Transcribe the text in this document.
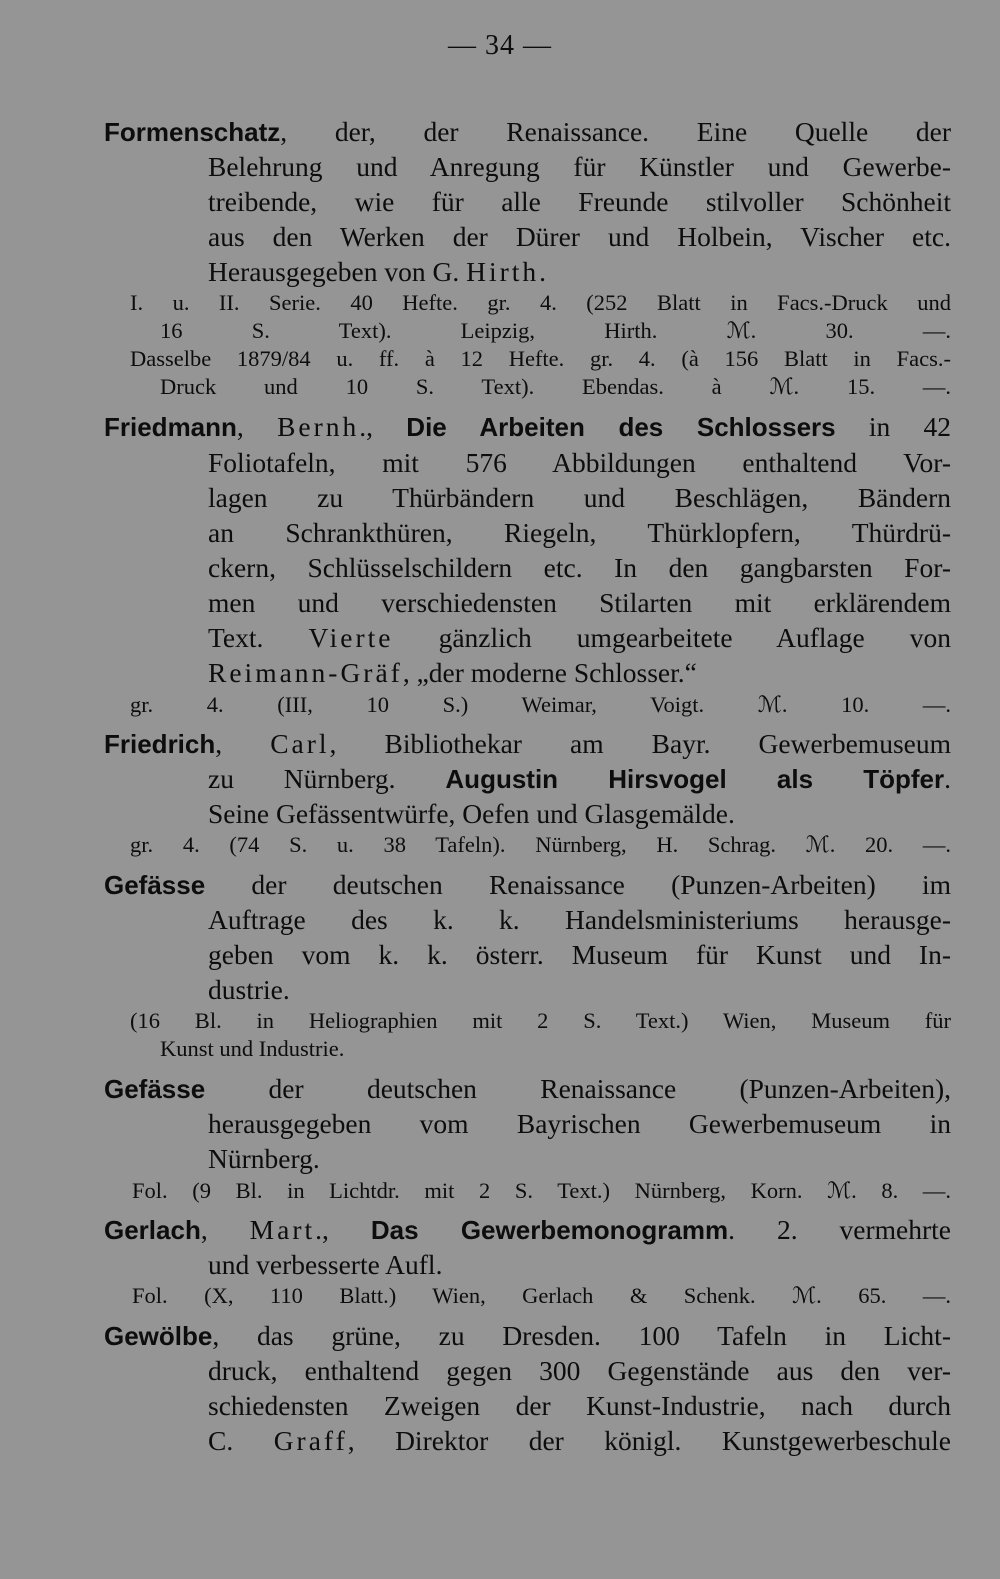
— 34 —
Formenschatz, der, der Renaissance. Eine Quelle der
Belehrung und Anregung für Künstler und Gewerbe-
treibende, wie für alle Freunde stilvoller Schönheit
aus den Werken der Dürer und Holbein, Vischer etc.
Herausgegeben von G. Hirth.
I. u. II. Serie. 40 Hefte. gr. 4. (252 Blatt in Facs.-Druck und
16 S. Text). Leipzig, Hirth. ℳ. 30. —.
Dasselbe 1879/84 u. ff. à 12 Hefte. gr. 4. (à 156 Blatt in Facs.-
Druck und 10 S. Text). Ebendas. à ℳ. 15. —.
Friedmann, Bernh., Die Arbeiten des Schlossers in 42
Foliotafeln, mit 576 Abbildungen enthaltend Vor-
lagen zu Thürbändern und Beschlägen, Bändern
an Schrankthüren, Riegeln, Thürklopfern, Thürdrü-
ckern, Schlüsselschildern etc. In den gangbarsten For-
men und verschiedensten Stilarten mit erklärendem
Text. Vierte gänzlich umgearbeitete Auflage von
Reimann-Gräf, „der moderne Schlosser.“
gr. 4. (III, 10 S.) Weimar, Voigt. ℳ. 10. —.
Friedrich, Carl, Bibliothekar am Bayr. Gewerbemuseum
zu Nürnberg. Augustin Hirsvogel als Töpfer.
Seine Gefässentwürfe, Oefen und Glasgemälde.
gr. 4. (74 S. u. 38 Tafeln). Nürnberg, H. Schrag. ℳ. 20. —.
Gefässe der deutschen Renaissance (Punzen-Arbeiten) im
Auftrage des k. k. Handelsministeriums herausge-
geben vom k. k. österr. Museum für Kunst und In-
dustrie.
(16 Bl. in Heliographien mit 2 S. Text.) Wien, Museum für
Kunst und Industrie.
Gefässe der deutschen Renaissance (Punzen-Arbeiten),
herausgegeben vom Bayrischen Gewerbemuseum in
Nürnberg.
Fol. (9 Bl. in Lichtdr. mit 2 S. Text.) Nürnberg, Korn. ℳ. 8. —.
Gerlach, Mart., Das Gewerbemonogramm. 2. vermehrte
und verbesserte Aufl.
Fol. (X, 110 Blatt.) Wien, Gerlach & Schenk. ℳ. 65. —.
Gewölbe, das grüne, zu Dresden. 100 Tafeln in Licht-
druck, enthaltend gegen 300 Gegenstände aus den ver-
schiedensten Zweigen der Kunst-Industrie, nach durch
C. Graff, Direktor der königl. Kunstgewerbeschule
